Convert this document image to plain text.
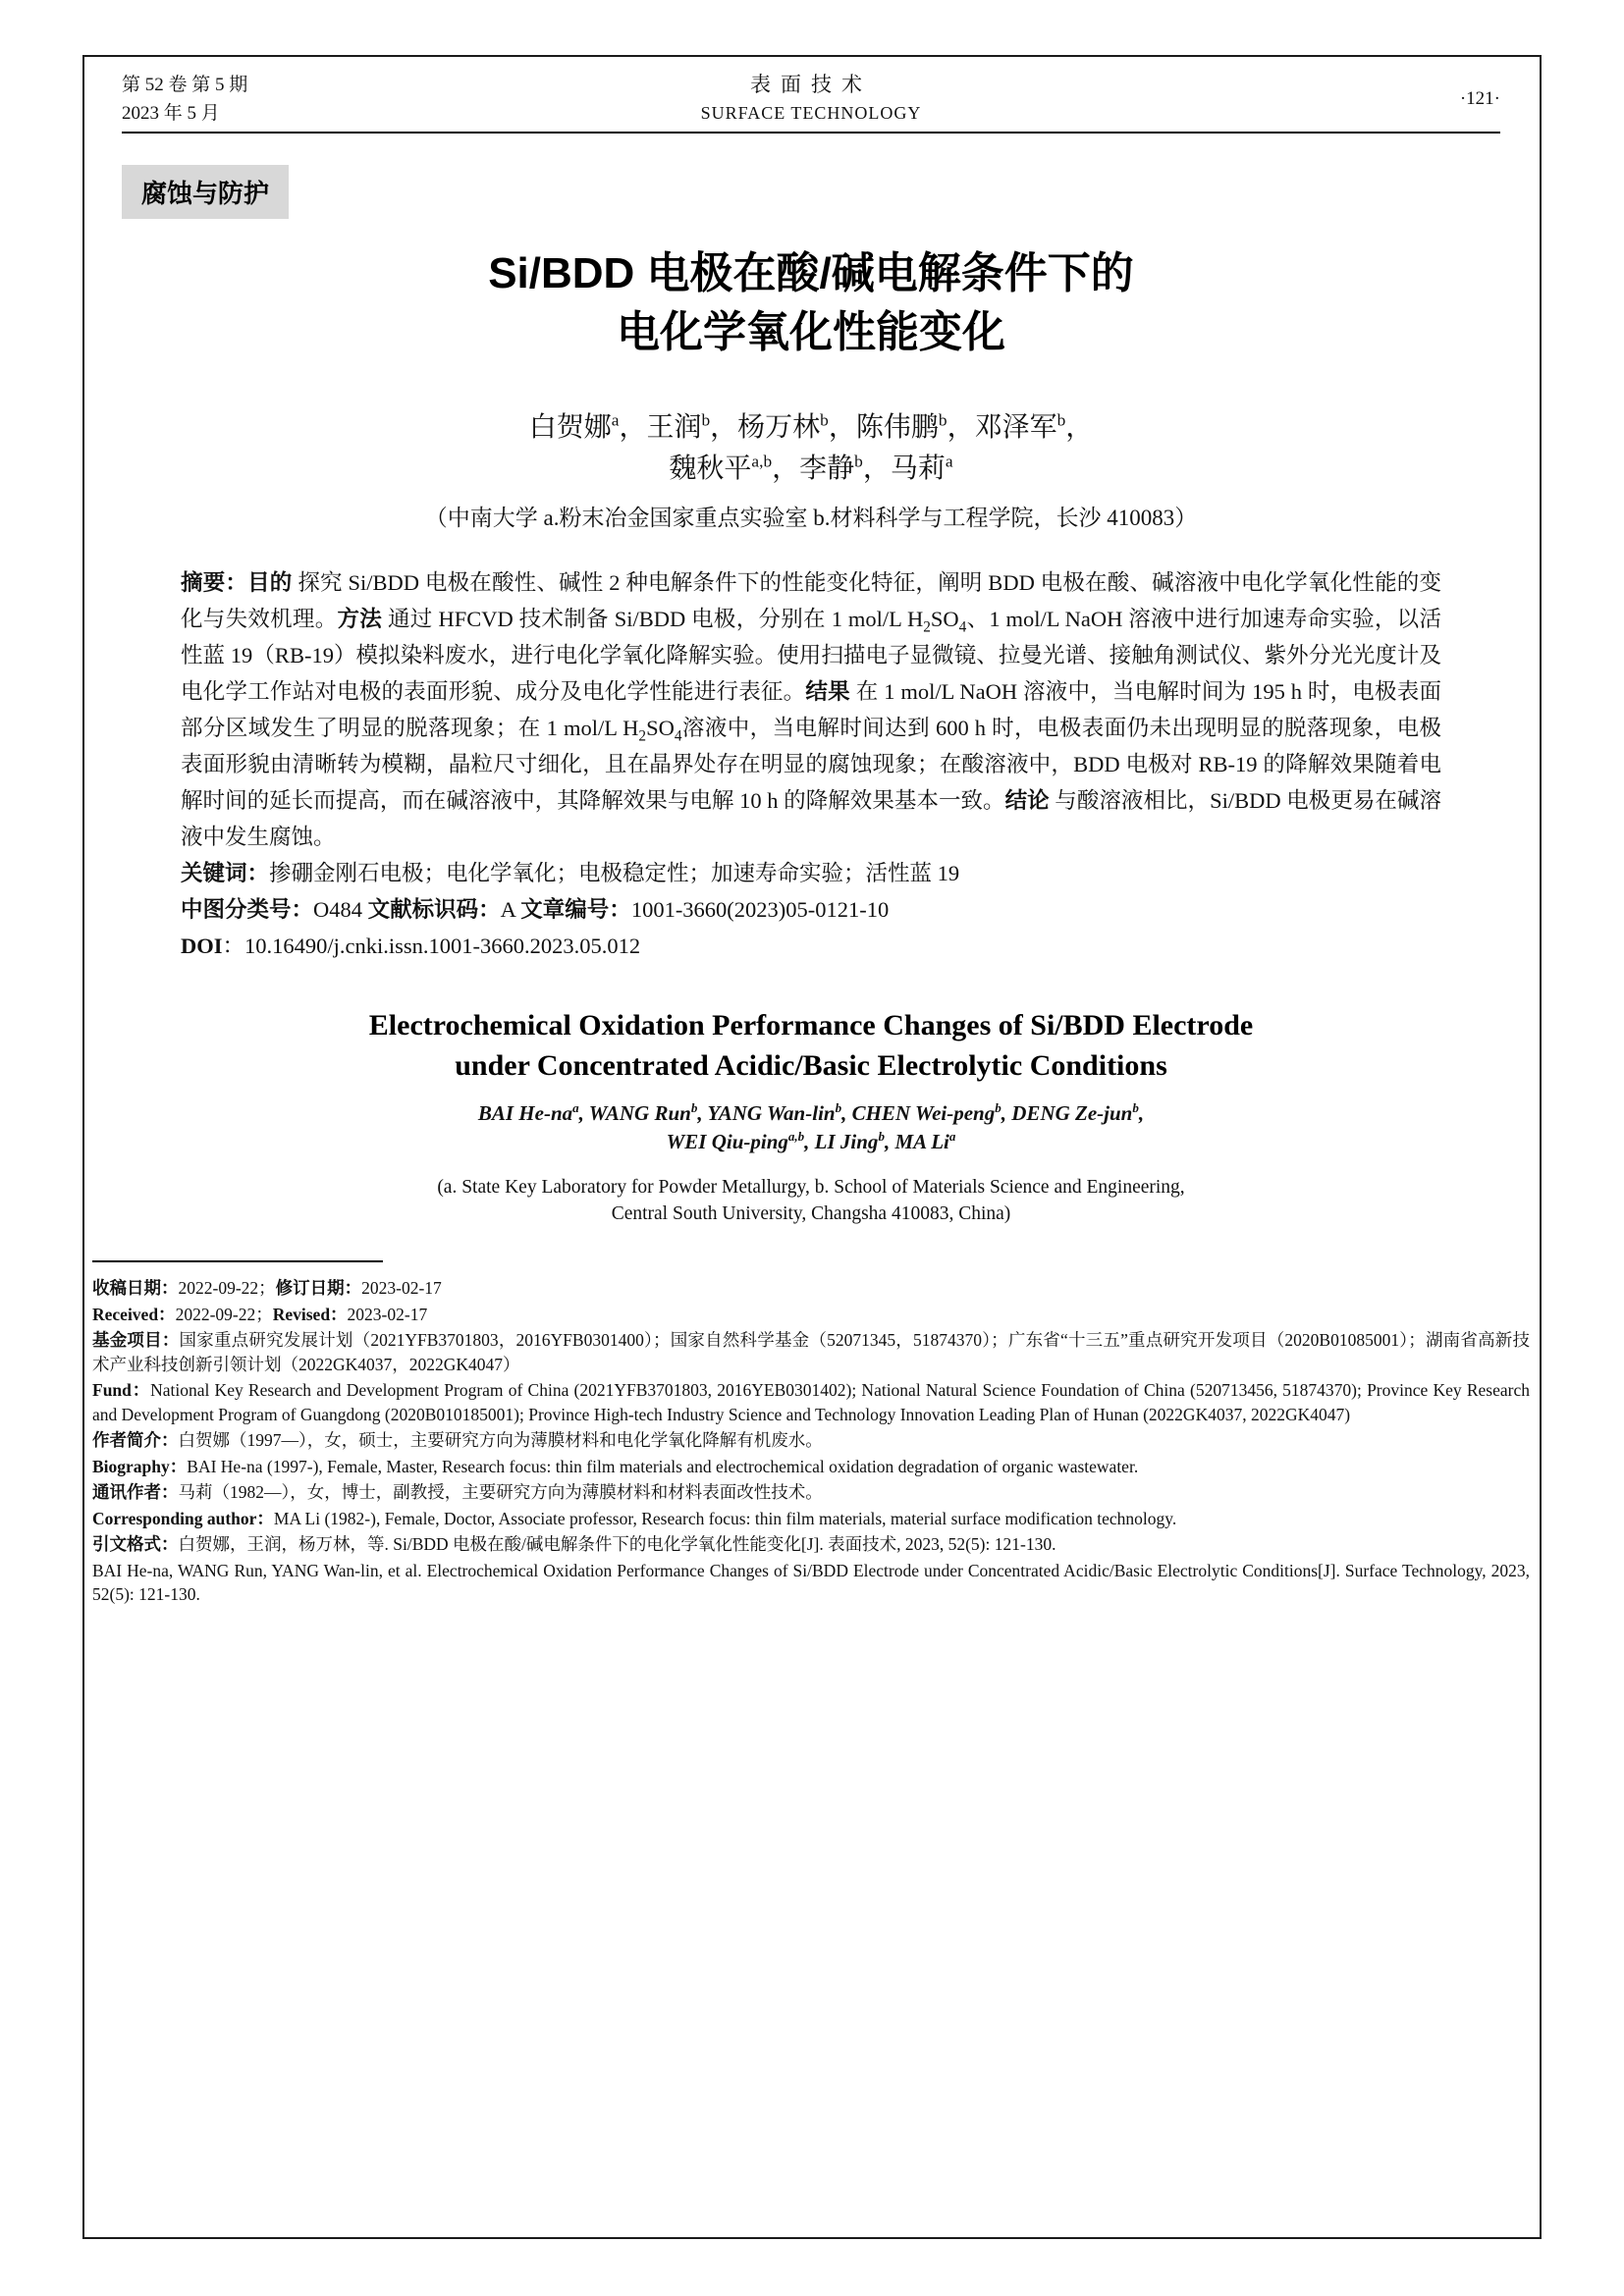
第 52 卷 第 5 期
2023 年 5 月
表面技术
SURFACE TECHNOLOGY
·121·
腐蚀与防护
Si/BDD 电极在酸/碱电解条件下的
电化学氧化性能变化
白贺娜$^a$，王润$^b$，杨万林$^b$，陈伟鹏$^b$，邓泽军$^b$，
魏秋平$^{a,b}$，李静$^b$，马莉$^a$
（中南大学 a.粉末冶金国家重点实验室 b.材料科学与工程学院，长沙 410083）

摘要：目的 探究 Si/BDD 电极在酸性、碱性 2 种电解条件下的性能变化特征，阐明 BDD 电极在酸、碱溶液中电化学氧化性能的变化与失效机理。方法 通过 HFCVD 技术制备 Si/BDD 电极，分别在 1 mol/L $H_2SO_4$、1 mol/L NaOH 溶液中进行加速寿命实验，以活性蓝 19（RB-19）模拟染料废水，进行电化学氧化降解实验。使用扫描电子显微镜、拉曼光谱、接触角测试仪、紫外分光光度计及电化学工作站对电极的表面形貌、成分及电化学性能进行表征。结果 在 1 mol/L NaOH 溶液中，当电解时间为 195 h 时，电极表面部分区域发生了明显的脱落现象；在 1 mol/L $H_2SO_4$溶液中，当电解时间达到 600 h 时，电极表面仍未出现明显的脱落现象，电极表面形貌由清晰转为模糊，晶粒尺寸细化，且在晶界处存在明显的腐蚀现象；在酸溶液中，BDD 电极对 RB-19 的降解效果随着电解时间的延长而提高，而在碱溶液中，其降解效果与电解 10 h 的降解效果基本一致。结论 与酸溶液相比，Si/BDD 电极更易在碱溶液中发生腐蚀。

关键词：掺硼金刚石电极；电化学氧化；电极稳定性；加速寿命实验；活性蓝 19

中图分类号：O484 文献标识码：A 文章编号：1001-3660(2023)05-0121-10

DOI：10.16490/j.cnki.issn.1001-3660.2023.05.012

Electrochemical Oxidation Performance Changes of Si/BDD Electrode
under Concentrated Acidic/Basic Electrolytic Conditions
BAI $He-na^a$, WANG Run$^b$, YANG Wan-lin$^b$, CHEN Wei-peng$^b$, DENG Ze-jun$^b$,
WEI Qiu-ping$^{a,b}$, LI Jing$^b$, MA Li$^a$
(a. State Key Laboratory for Powder Metallurgy, b. School of Materials Science and Engineering,
Central South University, Changsha 410083, China)

收稿日期：2022-09-22；修订日期：2023-02-17

Received：2022-09-22；Revised：2023-02-17

基金项目：国家重点研究发展计划（2021YFB3701803，2016YFB0301400）；国家自然科学基金（52071345，51874370）；广东省“十三五”重点研究开发项目（2020B01085001）；湖南省高新技术产业科技创新引领计划（2022GK4037，2022GK4047）

Fund：National Key Research and Development Program of China (2021YFB3701803, 2016YEB0301402); National Natural Science Foundation of China (520713456, 51874370); Province Key Research and Development Program of Guangdong (2020B010185001); Province High-tech Industry Science and Technology Innovation Leading Plan of Hunan (2022GK4037, 2022GK4047)

作者简介：白贺娜（1997—），女，硕士，主要研究方向为薄膜材料和电化学氧化降解有机废水。

Biography：BAI He-na (1997-), Female, Master, Research focus: thin film materials and electrochemical oxidation degradation of organic wastewater.

通讯作者：马莉（1982—），女，博士，副教授，主要研究方向为薄膜材料和材料表面改性技术。

Corresponding author：MA Li (1982-), Female, Doctor, Associate professor, Research focus: thin film materials, material surface modification technology.

引文格式：白贺娜，王润，杨万林，等. Si/BDD 电极在酸/碱电解条件下的电化学氧化性能变化[J]. 表面技术, 2023, 52(5): 121-130.

BAI He-na, WANG Run, YANG Wan-lin, et al. Electrochemical Oxidation Performance Changes of Si/BDD Electrode under Concentrated Acidic/Basic Electrolytic Conditions[J]. Surface Technology, 2023, 52(5): 121-130.
